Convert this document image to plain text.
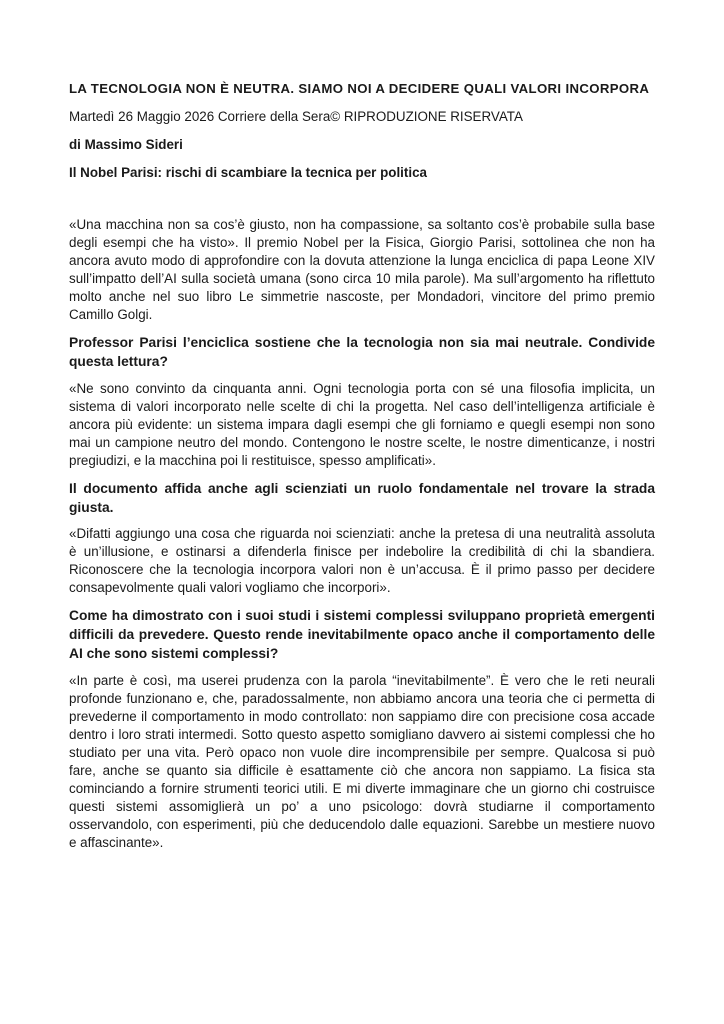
LA TECNOLOGIA NON È NEUTRA. SIAMO NOI A DECIDERE QUALI VALORI INCORPORA

Martedì 26 Maggio 2026 Corriere della Sera© RIPRODUZIONE RISERVATA

di Massimo Sideri

Il Nobel Parisi: rischi di scambiare la tecnica per politica

«Una macchina non sa cos’è giusto, non ha compassione, sa soltanto cos’è probabile sulla base degli esempi che ha visto». Il premio Nobel per la Fisica, Giorgio Parisi, sottolinea che non ha ancora avuto modo di approfondire con la dovuta attenzione la lunga enciclica di papa Leone XIV sull’impatto dell’AI sulla società umana (sono circa 10 mila parole). Ma sull’argomento ha riflettuto molto anche nel suo libro Le simmetrie nascoste, per Mondadori, vincitore del primo premio Camillo Golgi.

Professor Parisi l’enciclica sostiene che la tecnologia non sia mai neutrale. Condivide questa lettura?

«Ne sono convinto da cinquanta anni. Ogni tecnologia porta con sé una filosofia implicita, un sistema di valori incorporato nelle scelte di chi la progetta. Nel caso dell’intelligenza artificiale è ancora più evidente: un sistema impara dagli esempi che gli forniamo e quegli esempi non sono mai un campione neutro del mondo. Contengono le nostre scelte, le nostre dimenticanze, i nostri pregiudizi, e la macchina poi li restituisce, spesso amplificati».

Il documento affida anche agli scienziati un ruolo fondamentale nel trovare la strada giusta.

«Difatti aggiungo una cosa che riguarda noi scienziati: anche la pretesa di una neutralità assoluta è un’illusione, e ostinarsi a difenderla finisce per indebolire la credibilità di chi la sbandiera. Riconoscere che la tecnologia incorpora valori non è un’accusa. È il primo passo per decidere consapevolmente quali valori vogliamo che incorpori».

Come ha dimostrato con i suoi studi i sistemi complessi sviluppano proprietà emergenti difficili da prevedere. Questo rende inevitabilmente opaco anche il comportamento delle AI che sono sistemi complessi?

«In parte è così, ma userei prudenza con la parola “inevitabilmente”. È vero che le reti neurali profonde funzionano e, che, paradossalmente, non abbiamo ancora una teoria che ci permetta di prevederne il comportamento in modo controllato: non sappiamo dire con precisione cosa accade dentro i loro strati intermedi. Sotto questo aspetto somigliano davvero ai sistemi complessi che ho studiato per una vita. Però opaco non vuole dire incomprensibile per sempre. Qualcosa si può fare, anche se quanto sia difficile è esattamente ciò che ancora non sappiamo. La fisica sta cominciando a fornire strumenti teorici utili. E mi diverte immaginare che un giorno chi costruisce questi sistemi assomiglierà un po’ a uno psicologo: dovrà studiarne il comportamento osservandolo, con esperimenti, più che deducendolo dalle equazioni. Sarebbe un mestiere nuovo e affascinante».
